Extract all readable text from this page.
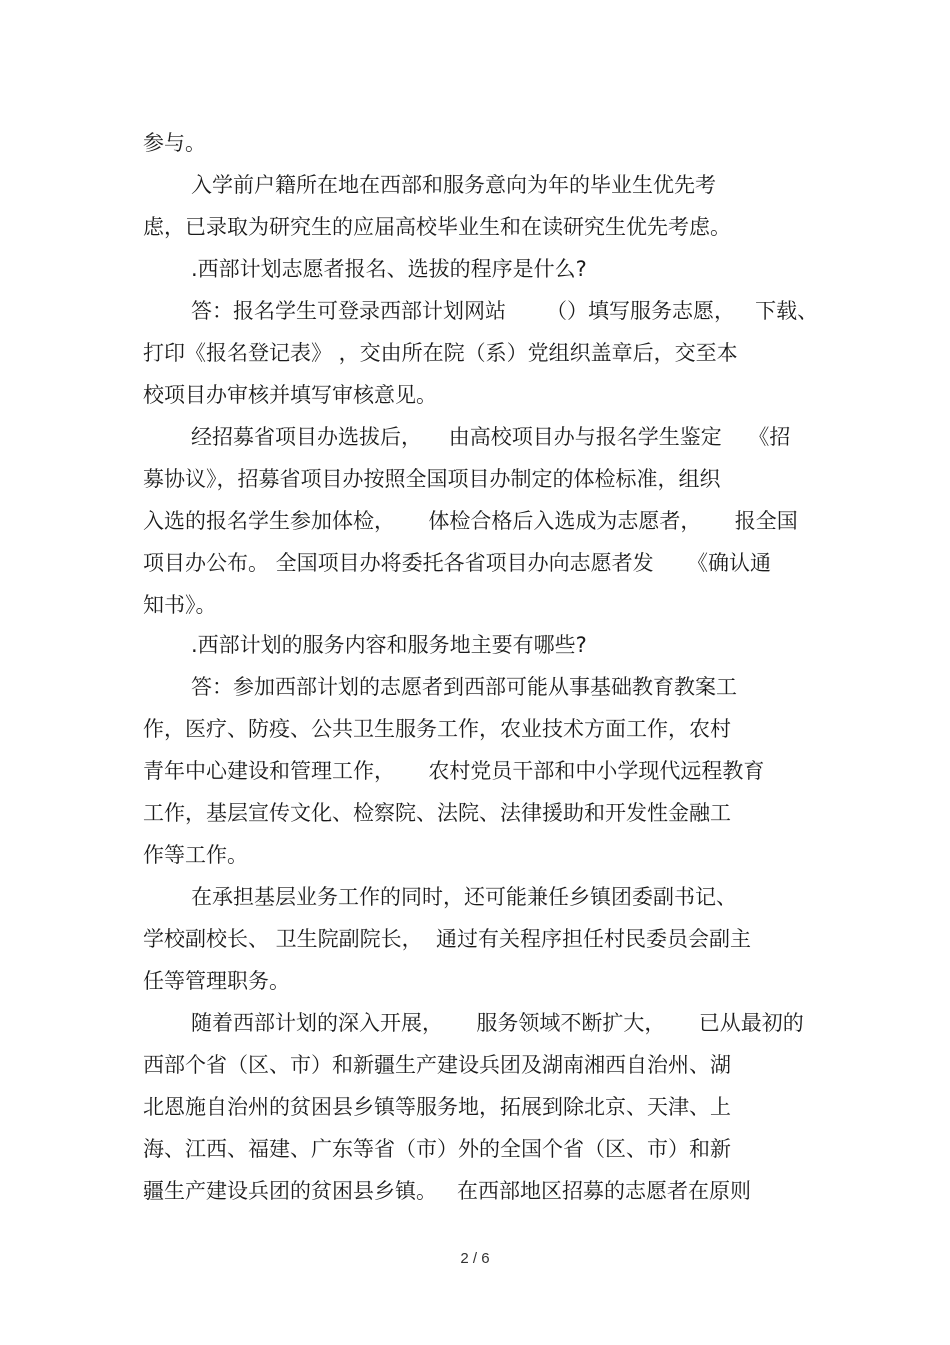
参与。
入学前户籍所在地在西部和服务意向为年的毕业生优先考
虑，已录取为研究生的应届高校毕业生和在读研究生优先考虑。
.西部计划志愿者报名、选拔的程序是什么?
答：报名学生可登录西部计划网站      （）填写服务志愿，   下载、
打印《报名登记表》 ，交由所在院（系）党组织盖章后，交至本
校项目办审核并填写审核意见。
经招募省项目办选拔后，    由高校项目办与报名学生鉴定    《招
募协议》，招募省项目办按照全国项目办制定的体检标准，组织
入选的报名学生参加体检，     体检合格后入选成为志愿者，     报全国
项目办公布。 全国项目办将委托各省项目办向志愿者发     《确认通
知书》。
.西部计划的服务内容和服务地主要有哪些?
答：参加西部计划的志愿者到西部可能从事基础教育教案工
作，医疗、防疫、公共卫生服务工作，农业技术方面工作，农村
青年中心建设和管理工作，     农村党员干部和中小学现代远程教育
工作，基层宣传文化、检察院、法院、法律援助和开发性金融工
作等工作。
在承担基层业务工作的同时，还可能兼任乡镇团委副书记、
学校副校长、 卫生院副院长，  通过有关程序担任村民委员会副主
任等管理职务。
随着西部计划的深入开展，     服务领域不断扩大，     已从最初的
西部个省（区、市）和新疆生产建设兵团及湖南湘西自治州、湖
北恩施自治州的贫困县乡镇等服务地，拓展到除北京、天津、上
海、江西、福建、广东等省（市）外的全国个省（区、市）和新
疆生产建设兵团的贫困县乡镇。   在西部地区招募的志愿者在原则
2 / 6
